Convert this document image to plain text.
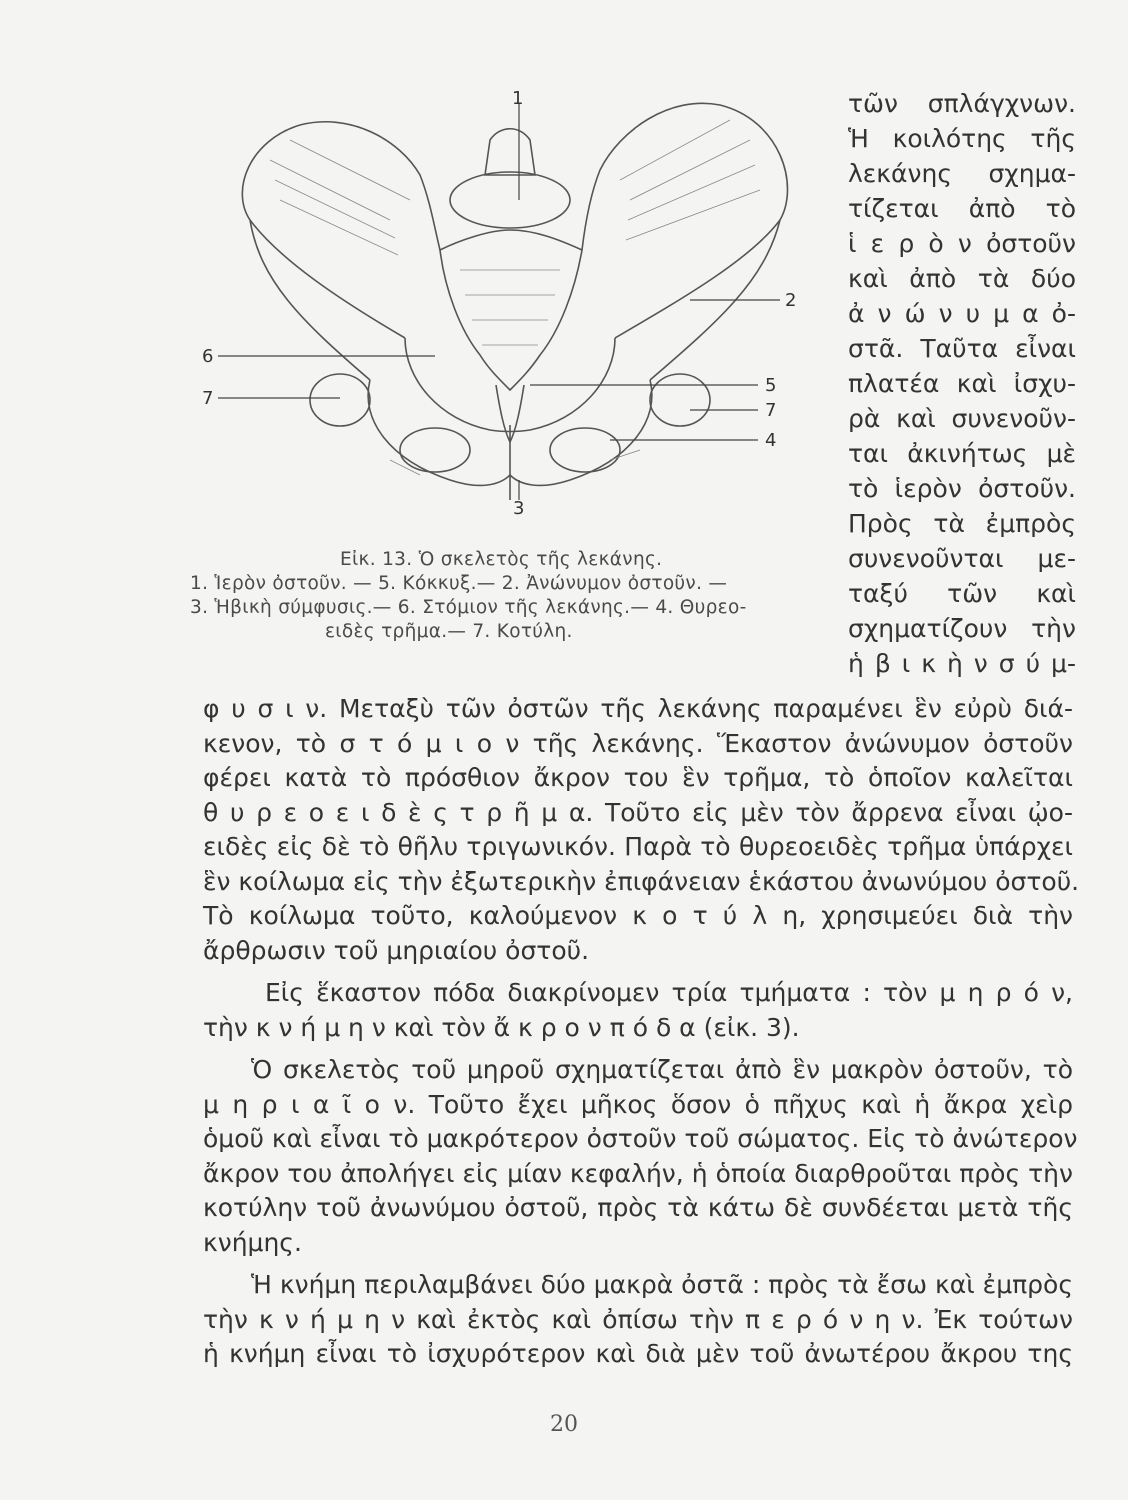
1
2
6
5
7
7
4
3
Εἰκ. 13. Ὁ σκελετὸς τῆς λεκάνης.
1. Ἱερὸν ὀστοῦν. — 5. Κόκκυξ.— 2. Ἀνώνυμον ὀστοῦν. —
3. Ἡβικὴ σύμφυσις.— 6. Στόμιον τῆς λεκάνης.— 4. Θυρεο-
ειδὲς τρῆμα.— 7. Κοτύλη.
τῶν σπλάγχνων.
Ἡ κοιλότης τῆς
λεκάνης σχημα-
τίζεται ἀπὸ τὸ
ἱ ε ρ ὸ ν ὀστοῦν
καὶ ἀπὸ τὰ δύο
ἀ ν ώ ν υ μ α ὀ-
στᾶ. Ταῦτα εἶναι
πλατέα καὶ ἰσχυ-
ρὰ καὶ συνενοῦν-
ται ἀκινήτως μὲ
τὸ ἱερὸν ὀστοῦν.
Πρὸς τὰ ἐμπρὸς
συνενοῦνται με-
ταξύ τῶν καὶ
σχηματίζουν τὴν
ἡ β ι κ ὴ ν σ ύ μ-
φ υ σ ι ν. Μεταξὺ τῶν ὀστῶν τῆς λεκάνης παραμένει ἓν εὐρὺ διά-
κενον, τὸ σ τ ό μ ι ο ν τῆς λεκάνης. Ἕκαστον ἀνώνυμον ὀστοῦν
φέρει κατὰ τὸ πρόσθιον ἄκρον του ἓν τρῆμα, τὸ ὁποῖον καλεῖται
θ υ ρ ε ο ε ι δ ὲ ς τ ρ ῆ μ α. Τοῦτο εἰς μὲν τὸν ἄρρενα εἶναι ᾠο-
ειδὲς εἰς δὲ τὸ θῆλυ τριγωνικόν. Παρὰ τὸ θυρεοειδὲς τρῆμα ὑπάρχει
ἓν κοίλωμα εἰς τὴν ἐξωτερικὴν ἐπιφάνειαν ἑκάστου ἀνωνύμου ὀστοῦ.
Τὸ κοίλωμα τοῦτο, καλούμενον κ ο τ ύ λ η, χρησιμεύει διὰ τὴν
ἄρθρωσιν τοῦ μηριαίου ὀστοῦ.
Εἰς ἕκαστον πόδα διακρίνομεν τρία τμήματα : τὸν μ η ρ ό ν,
τὴν κ ν ή μ η ν καὶ τὸν ἄ κ ρ ο ν π ό δ α (εἰκ. 3).
Ὁ σκελετὸς τοῦ μηροῦ σχηματίζεται ἀπὸ ἓν μακρὸν ὀστοῦν, τὸ
μ η ρ ι α ῖ ο ν. Τοῦτο ἔχει μῆκος ὅσον ὁ πῆχυς καὶ ἡ ἄκρα χεὶρ
ὁμοῦ καὶ εἶναι τὸ μακρότερον ὀστοῦν τοῦ σώματος. Εἰς τὸ ἀνώτερον
ἄκρον του ἀπολήγει εἰς μίαν κεφαλήν, ἡ ὁποία διαρθροῦται πρὸς τὴν
κοτύλην τοῦ ἀνωνύμου ὀστοῦ, πρὸς τὰ κάτω δὲ συνδέεται μετὰ τῆς
κνήμης.
Ἡ κνήμη περιλαμβάνει δύο μακρὰ ὀστᾶ : πρὸς τὰ ἔσω καὶ ἐμπρὸς
τὴν κ ν ή μ η ν καὶ ἐκτὸς καὶ ὀπίσω τὴν π ε ρ ό ν η ν. Ἐκ τούτων
ἡ κνήμη εἶναι τὸ ἰσχυρότερον καὶ διὰ μὲν τοῦ ἀνωτέρου ἄκρου της
20
